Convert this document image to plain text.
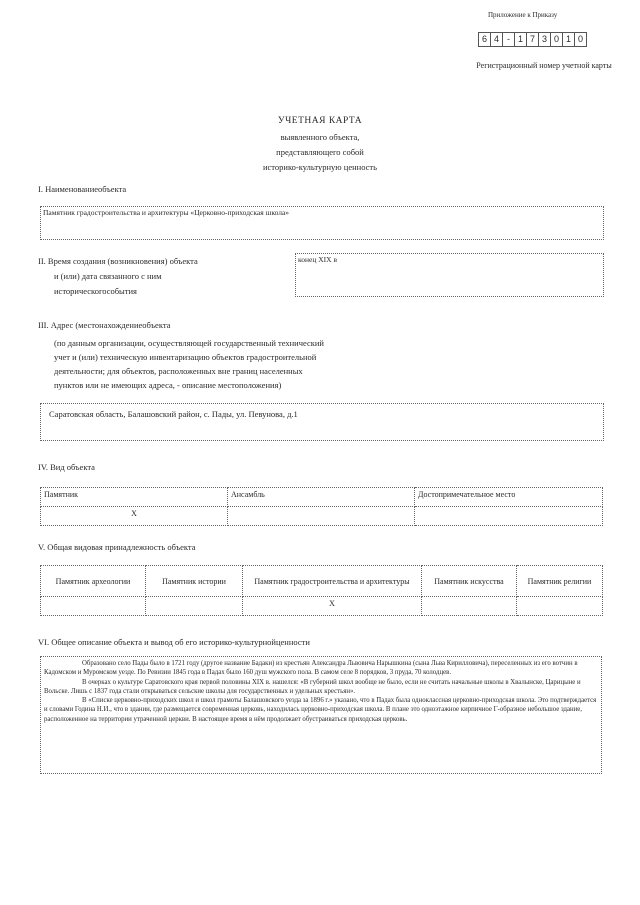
Приложение к Приказу
6 4 - 1 7 3 0 1 0
Регистрационный номер учетной карты
УЧЕТНАЯ КАРТА
выявленного объекта,
представляющего собой
историко-культурную ценность
I. Наименованиеобъекта
Памятник градостроительства и архитектуры «Церковно-приходская школа»
II. Время создания (возникновения) объекта
и (или) дата связанного с ним
историческогособытия
конец XIX в
III. Адрес (местонахождениеобъекта
(по данным организации, осуществляющей государственный технический
учет и (или) техническую инвентаризацию объектов градостроительной
деятельности; для объектов, расположенных вне границ населенных
пунктов или не имеющих адреса, - описание местоположения)
Саратовская область, Балашовский район, с. Пады, ул. Певунова, д.1
IV. Вид объекта
Памятник	Ансамбль	Достопримечательное место
X		
V. Общая видовая принадлежность объекта
Памятник археологии	Памятник истории	Памятник градостроительства и архитектуры	Памятник искусства	Памятник религии
		X		
VI. Общее описание объекта и вывод об его историко-культурнойценности

Образовано село Пады было в 1721 году (другое название Бадаки) из крестьян Александра Львовича Нарышкина (сына Льва Кирилловича), переселенных из его вотчин в Кадомском и Муромском уезде. По Ревизии 1845 года в Падах было 160 душ мужского пола. В самом селе 8 порядков, 3 пруда, 70 колодцев.

В очерках о культуре Саратовского края первой половины XIX в. нашелся: «В губерний школ вообще не было, если не считать начальные школы в Хвалынске, Царицыне и Вольске. Лишь с 1837 года стали открываться сельские школы для государственных и удельных крестьян».

В «Списке церковно-приходских школ и школ грамоты Балашовского уезда за 1896 г.» указано, что в Падах была одноклассная церковно-приходская школа. Это подтверждается и словами Година Н.И., что в здании, где размещается современная церковь, находилась церковно-приходская школа. В плане это одноэтажное кирпичное Г-образное небольшое здание, расположенное на территории утраченной церкви. В настоящее время в нём продолжает обустраиваться приходская церковь.
